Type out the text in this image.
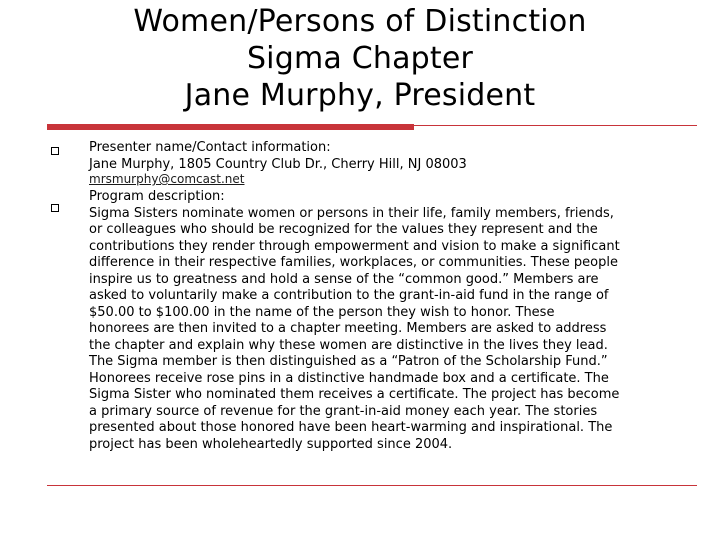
Women/Persons of Distinction
Sigma Chapter
Jane Murphy, President
Presenter name/Contact information:
Jane Murphy, 1805 Country Club Dr., Cherry Hill, NJ 08003
mrsmurphy@comcast.net
Program description:
Sigma Sisters nominate women or persons in their life, family members, friends,
or colleagues who should be recognized for the values they represent and the
contributions they render through empowerment and vision to make a significant
difference in their respective families, workplaces, or communities. These people
inspire us to greatness and hold a sense of the “common good.” Members are
asked to voluntarily make a contribution to the grant-in-aid fund in the range of
$50.00 to $100.00 in the name of the person they wish to honor. These
honorees are then invited to a chapter meeting. Members are asked to address
the chapter and explain why these women are distinctive in the lives they lead.
The Sigma member is then distinguished as a “Patron of the Scholarship Fund.”
Honorees receive rose pins in a distinctive handmade box and a certificate. The
Sigma Sister who nominated them receives a certificate. The project has become
a primary source of revenue for the grant-in-aid money each year. The stories
presented about those honored have been heart-warming and inspirational. The
project has been wholeheartedly supported since 2004.
